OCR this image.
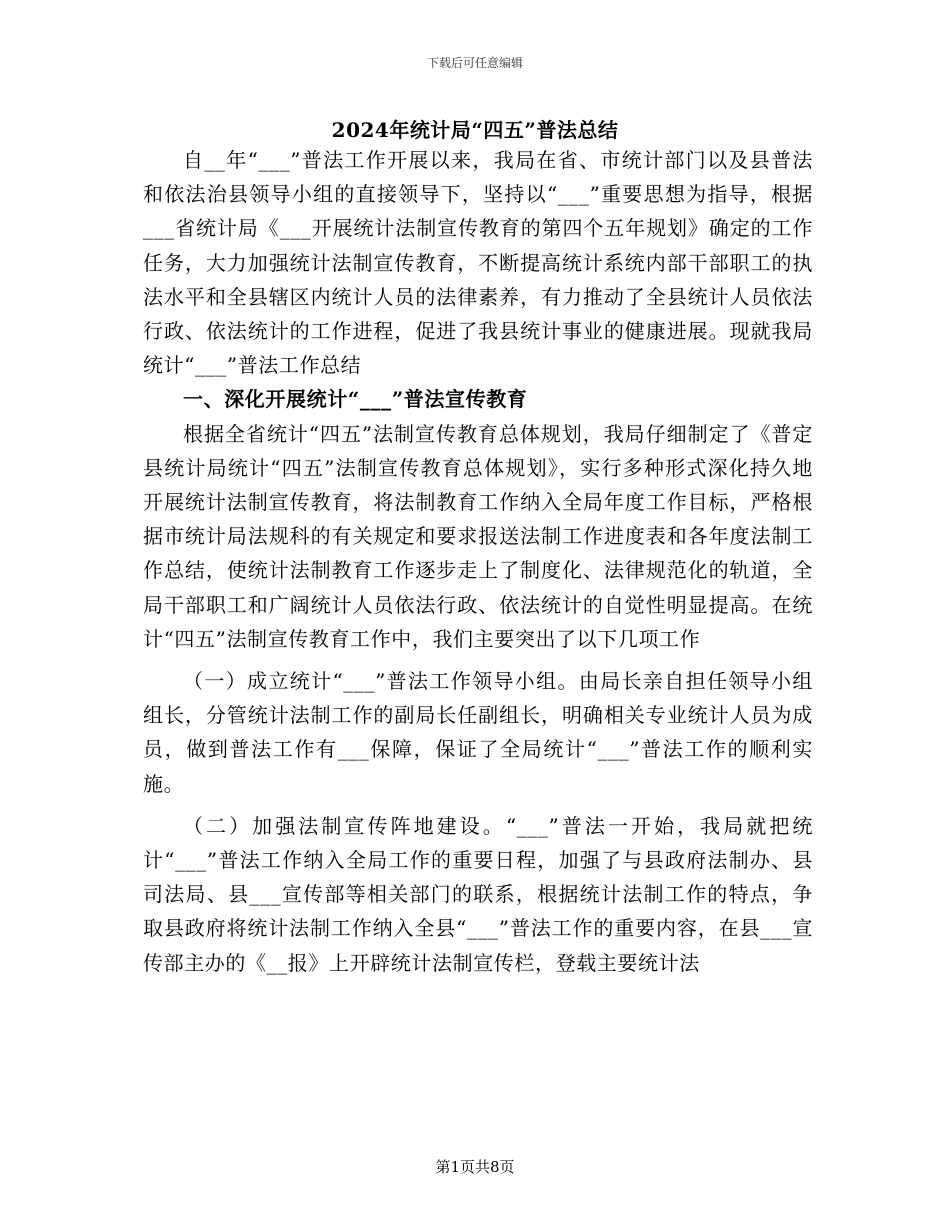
下载后可任意编辑
2024年统计局“四五”普法总结

自__年“___”普法工作开展以来，我局在省、市统计部门以及县普法和依法治县领导小组的直接领导下，坚持以“___”重要思想为指导，根据___省统计局《___开展统计法制宣传教育的第四个五年规划》确定的工作任务，大力加强统计法制宣传教育，不断提高统计系统内部干部职工的执法水平和全县辖区内统计人员的法律素养，有力推动了全县统计人员依法行政、依法统计的工作进程，促进了我县统计事业的健康进展。现就我局统计“___”普法工作总结

一、深化开展统计“___”普法宣传教育

根据全省统计“四五”法制宣传教育总体规划，我局仔细制定了《普定县统计局统计“四五”法制宣传教育总体规划》，实行多种形式深化持久地开展统计法制宣传教育，将法制教育工作纳入全局年度工作目标，严格根据市统计局法规科的有关规定和要求报送法制工作进度表和各年度法制工作总结，使统计法制教育工作逐步走上了制度化、法律规范化的轨道，全局干部职工和广阔统计人员依法行政、依法统计的自觉性明显提高。在统计“四五”法制宣传教育工作中，我们主要突出了以下几项工作

（一）成立统计“___”普法工作领导小组。由局长亲自担任领导小组组长，分管统计法制工作的副局长任副组长，明确相关专业统计人员为成员，做到普法工作有___保障，保证了全局统计“___”普法工作的顺利实施。

（二）加强法制宣传阵地建设。“___”普法一开始，我局就把统计“___”普法工作纳入全局工作的重要日程，加强了与县政府法制办、县司法局、县___宣传部等相关部门的联系，根据统计法制工作的特点，争取县政府将统计法制工作纳入全县“___”普法工作的重要内容，在县___宣传部主办的《__报》上开辟统计法制宣传栏，登载主要统计法

第1页共8页
